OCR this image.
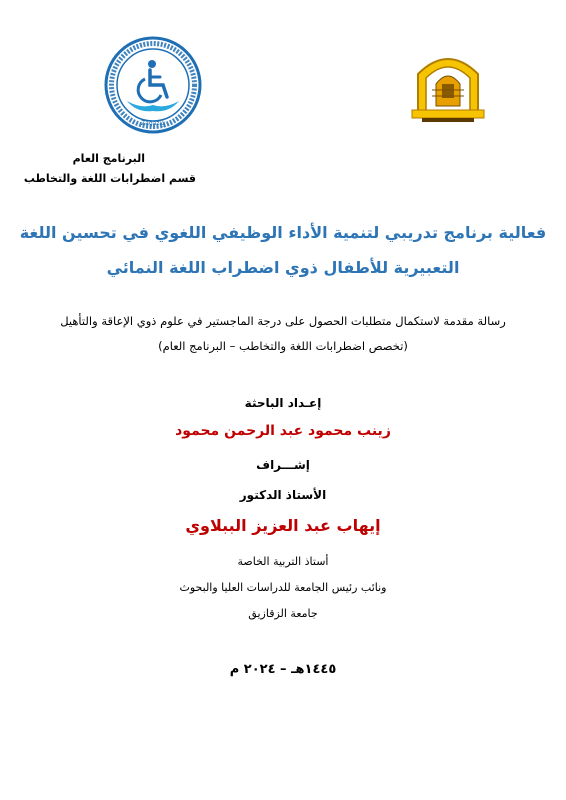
Zagazig
البرنامج العام
قسم اضطرابات اللغة والتخاطب
فعالية برنامج تدريبي لتنمية الأداء الوظيفي اللغوي في تحسين اللغة
التعبيرية للأطفال ذوي اضطراب اللغة النمائي
رسالة مقدمة لاستكمال متطلبات الحصول على درجة الماجستير في علوم ذوي الإعاقة والتأهيل
(تخصص اضطرابات اللغة والتخاطب – البرنامج العام)
إعـداد الباحثة
زينب محمود عبد الرحمن محمود
إشـــراف
الأستاذ الدكتور
إيهاب عبد العزيز الببلاوي
أستاذ التربية الخاصة
ونائب رئيس الجامعة للدراسات العليا والبحوث
جامعة الزقازيق
١٤٤٥هـ – ٢٠٢٤ م
